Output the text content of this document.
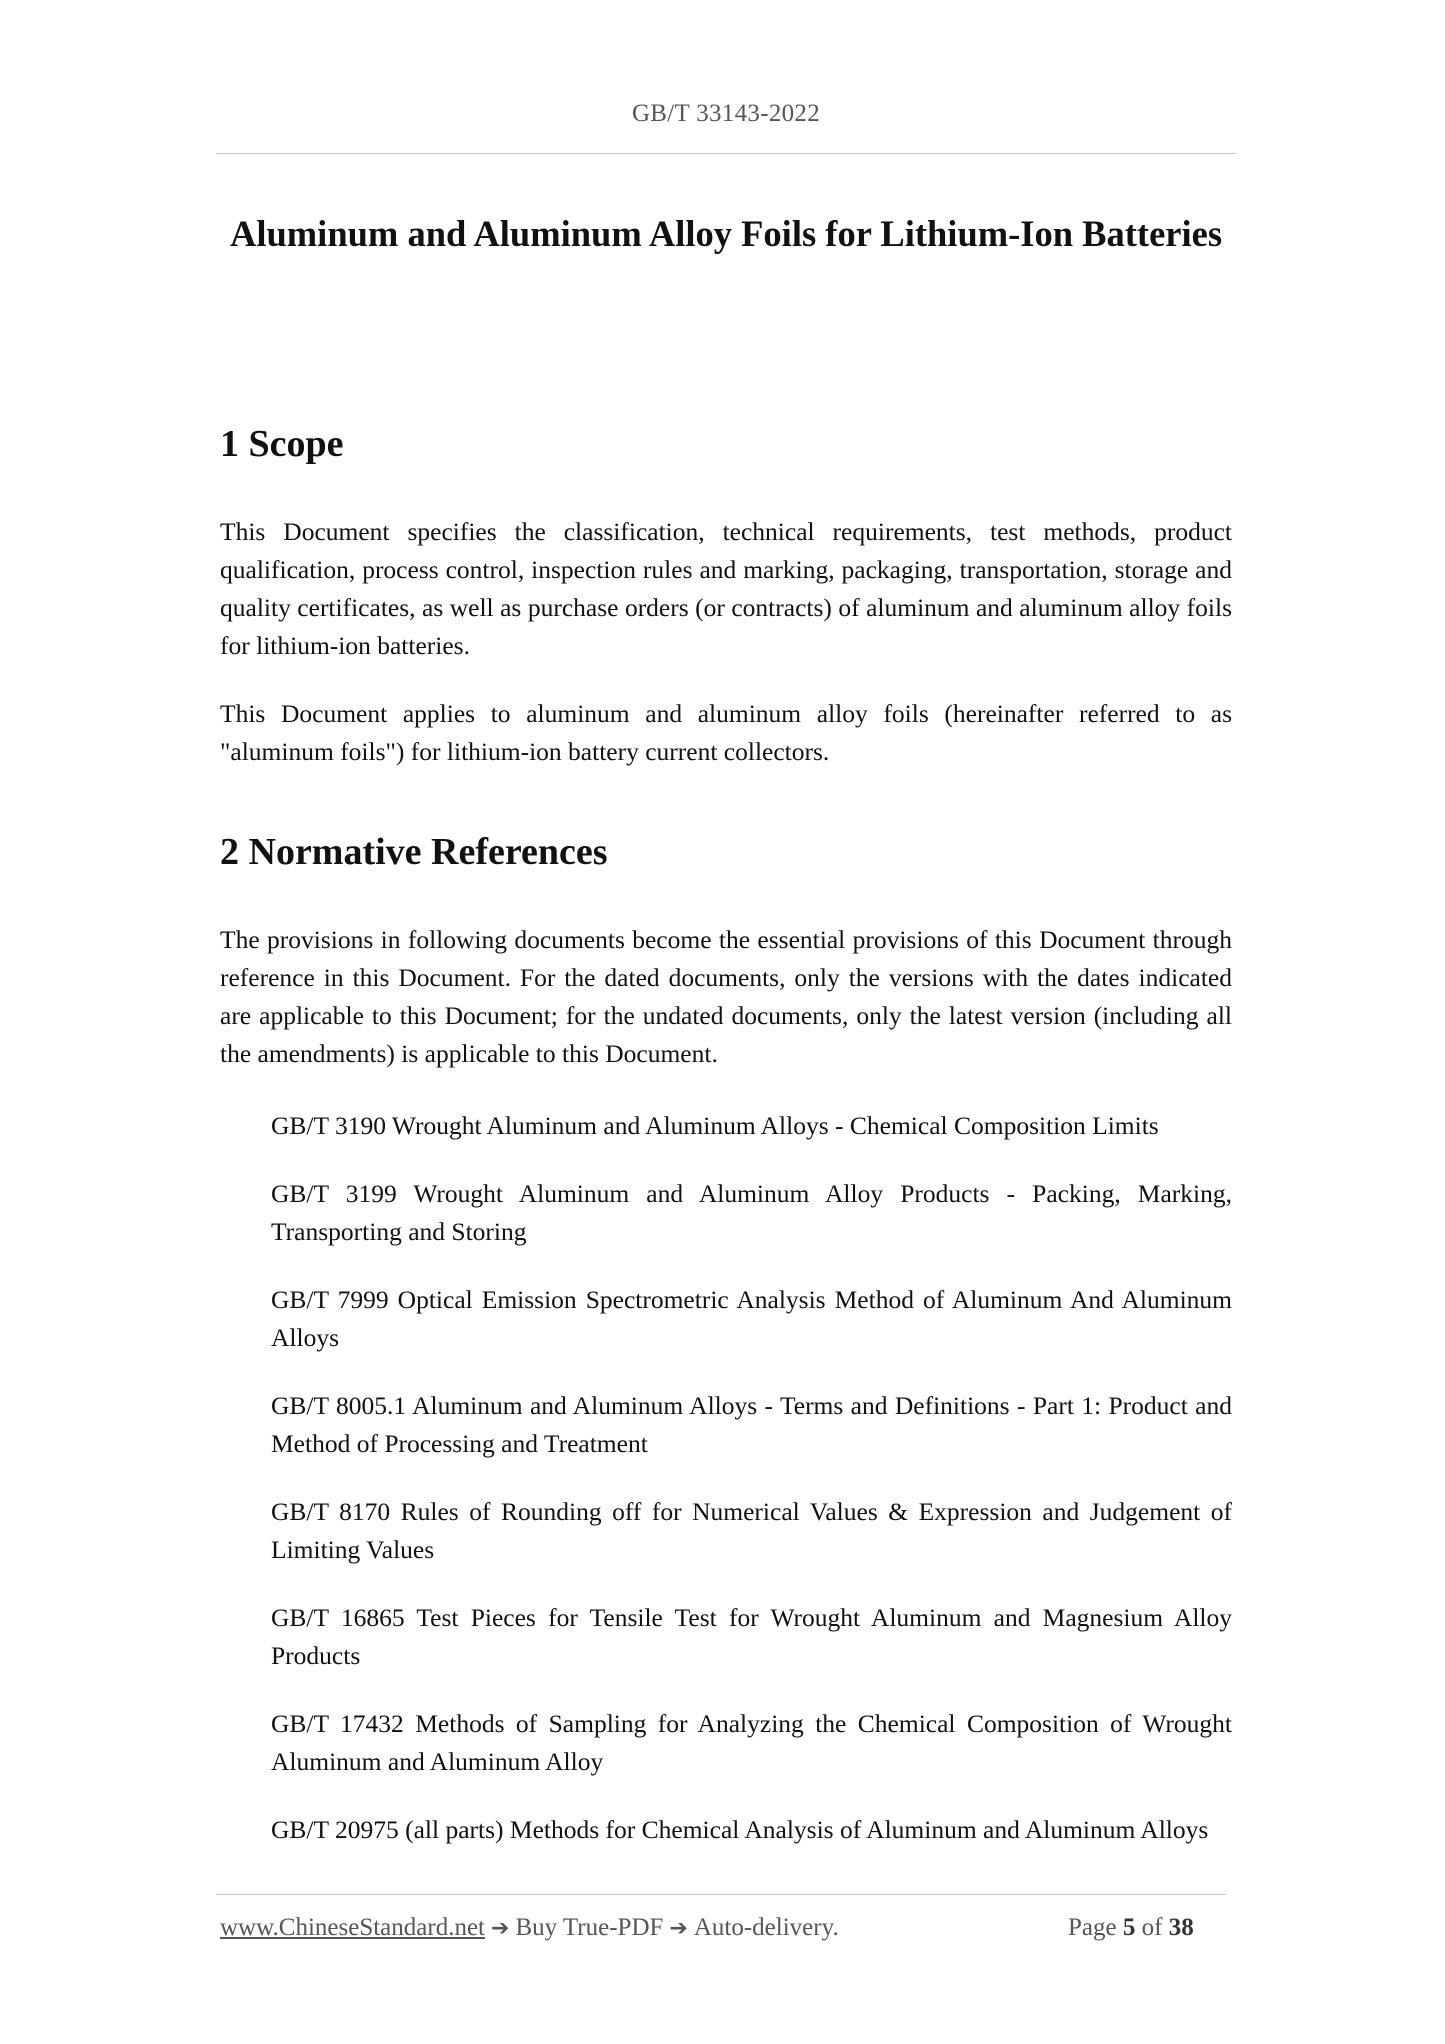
GB/T 33143-2022
Aluminum and Aluminum Alloy Foils for Lithium-Ion Batteries
1 Scope

This Document specifies the classification, technical requirements, test methods, product qualification, process control, inspection rules and marking, packaging, transportation, storage and quality certificates, as well as purchase orders (or contracts) of aluminum and aluminum alloy foils for lithium-ion batteries.

This Document applies to aluminum and aluminum alloy foils (hereinafter referred to as "aluminum foils") for lithium-ion battery current collectors.

2 Normative References

The provisions in following documents become the essential provisions of this Document through reference in this Document. For the dated documents, only the versions with the dates indicated are applicable to this Document; for the undated documents, only the latest version (including all the amendments) is applicable to this Document.

GB/T 3190 Wrought Aluminum and Aluminum Alloys - Chemical Composition Limits
GB/T 3199 Wrought Aluminum and Aluminum Alloy Products - Packing, Marking, Transporting and Storing
GB/T 7999 Optical Emission Spectrometric Analysis Method of Aluminum And Aluminum Alloys
GB/T 8005.1 Aluminum and Aluminum Alloys - Terms and Definitions - Part 1: Product and Method of Processing and Treatment
GB/T 8170 Rules of Rounding off for Numerical Values & Expression and Judgement of Limiting Values
GB/T 16865 Test Pieces for Tensile Test for Wrought Aluminum and Magnesium Alloy Products
GB/T 17432 Methods of Sampling for Analyzing the Chemical Composition of Wrought Aluminum and Aluminum Alloy
GB/T 20975 (all parts) Methods for Chemical Analysis of Aluminum and Aluminum Alloys
www.ChineseStandard.net ➔ Buy True-PDF ➔ Auto-delivery.	Page 5 of 38
